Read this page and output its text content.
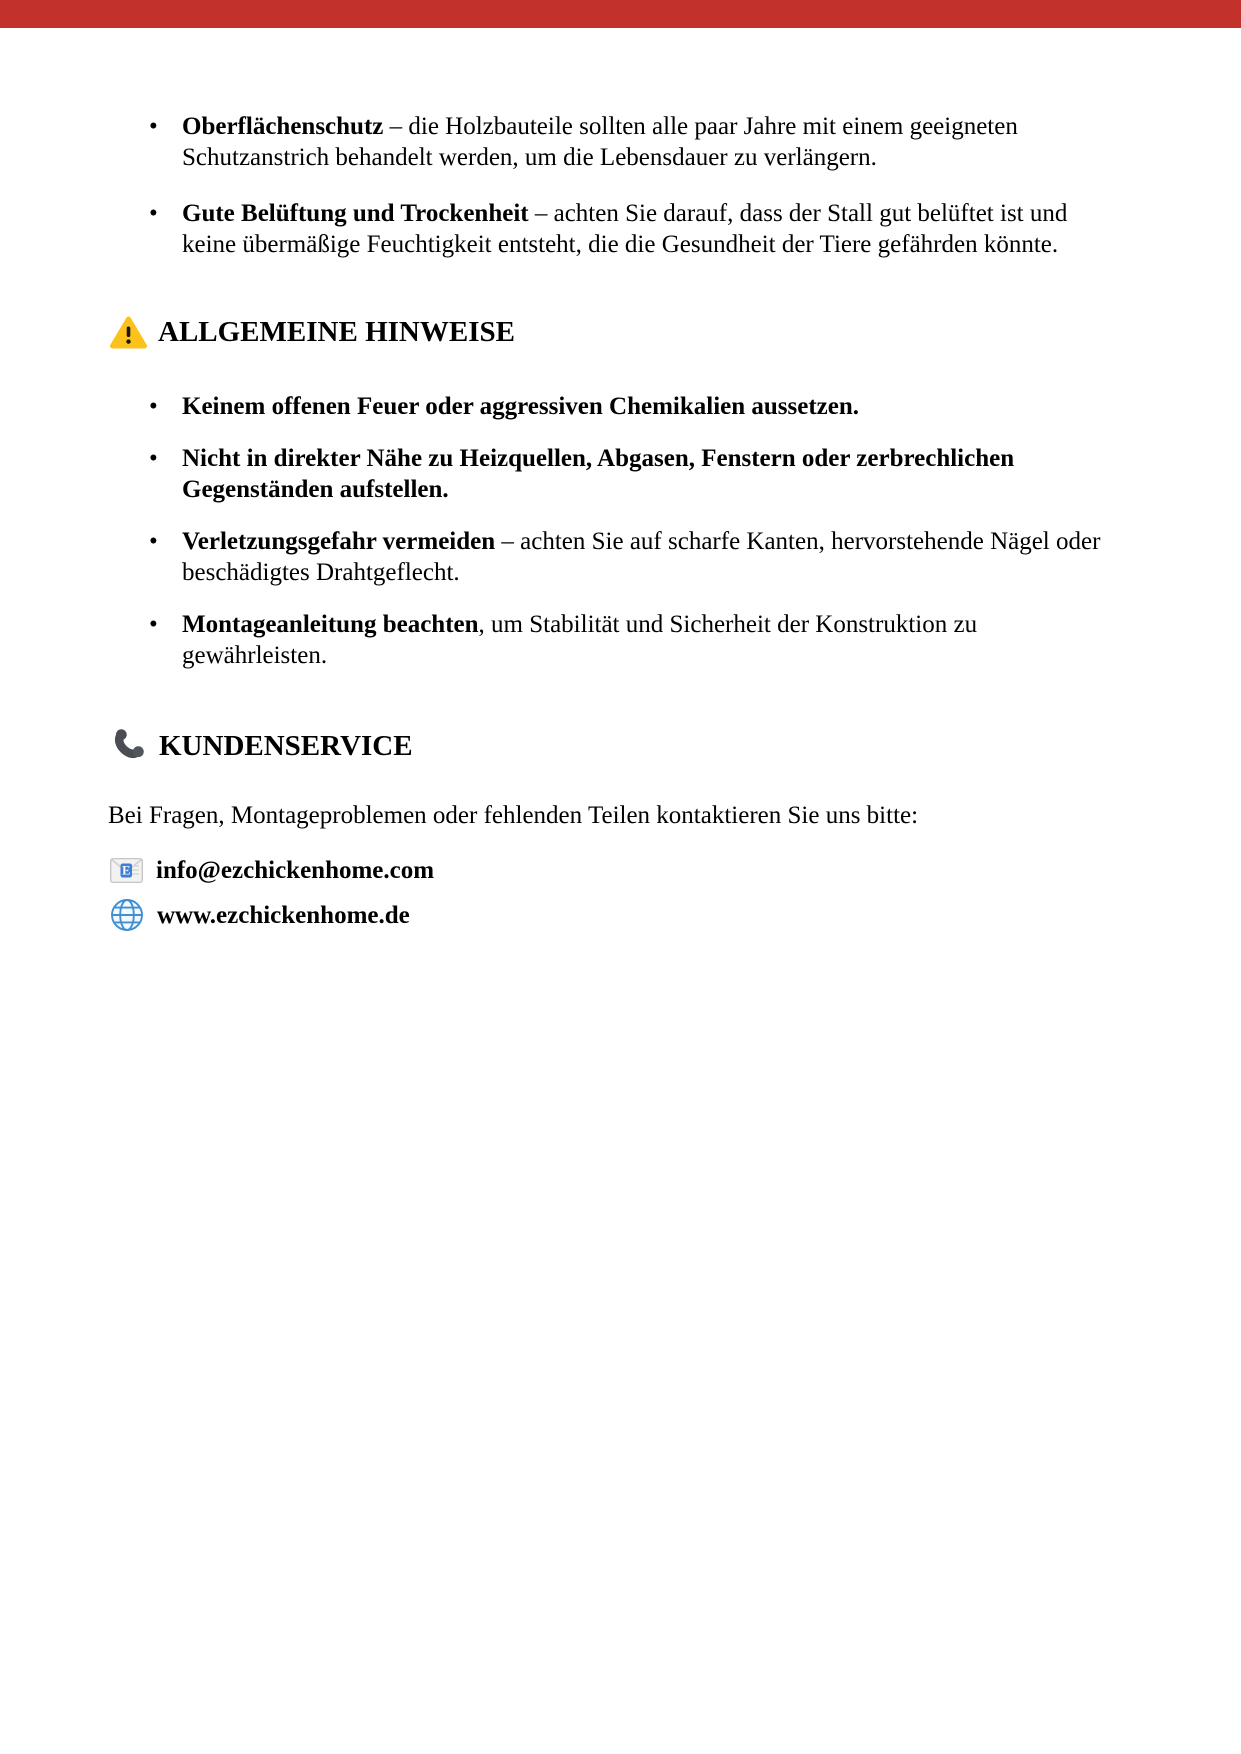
• Oberflächenschutz – die Holzbauteile sollten alle paar Jahre mit einem geeigneten
Schutzanstrich behandelt werden, um die Lebensdauer zu verlängern.
• Gute Belüftung und Trockenheit – achten Sie darauf, dass der Stall gut belüftet ist und
keine übermäßige Feuchtigkeit entsteht, die die Gesundheit der Tiere gefährden könnte.
ALLGEMEINE HINWEISE
• Keinem offenen Feuer oder aggressiven Chemikalien aussetzen.
• Nicht in direkter Nähe zu Heizquellen, Abgasen, Fenstern oder zerbrechlichen
Gegenständen aufstellen.
• Verletzungsgefahr vermeiden – achten Sie auf scharfe Kanten, hervorstehende Nägel oder
beschädigtes Drahtgeflecht.
• Montageanleitung beachten, um Stabilität und Sicherheit der Konstruktion zu
gewährleisten.
KUNDENSERVICE

Bei Fragen, Montageproblemen oder fehlenden Teilen kontaktieren Sie uns bitte:

E info@ezchickenhome.com
www.ezchickenhome.de
